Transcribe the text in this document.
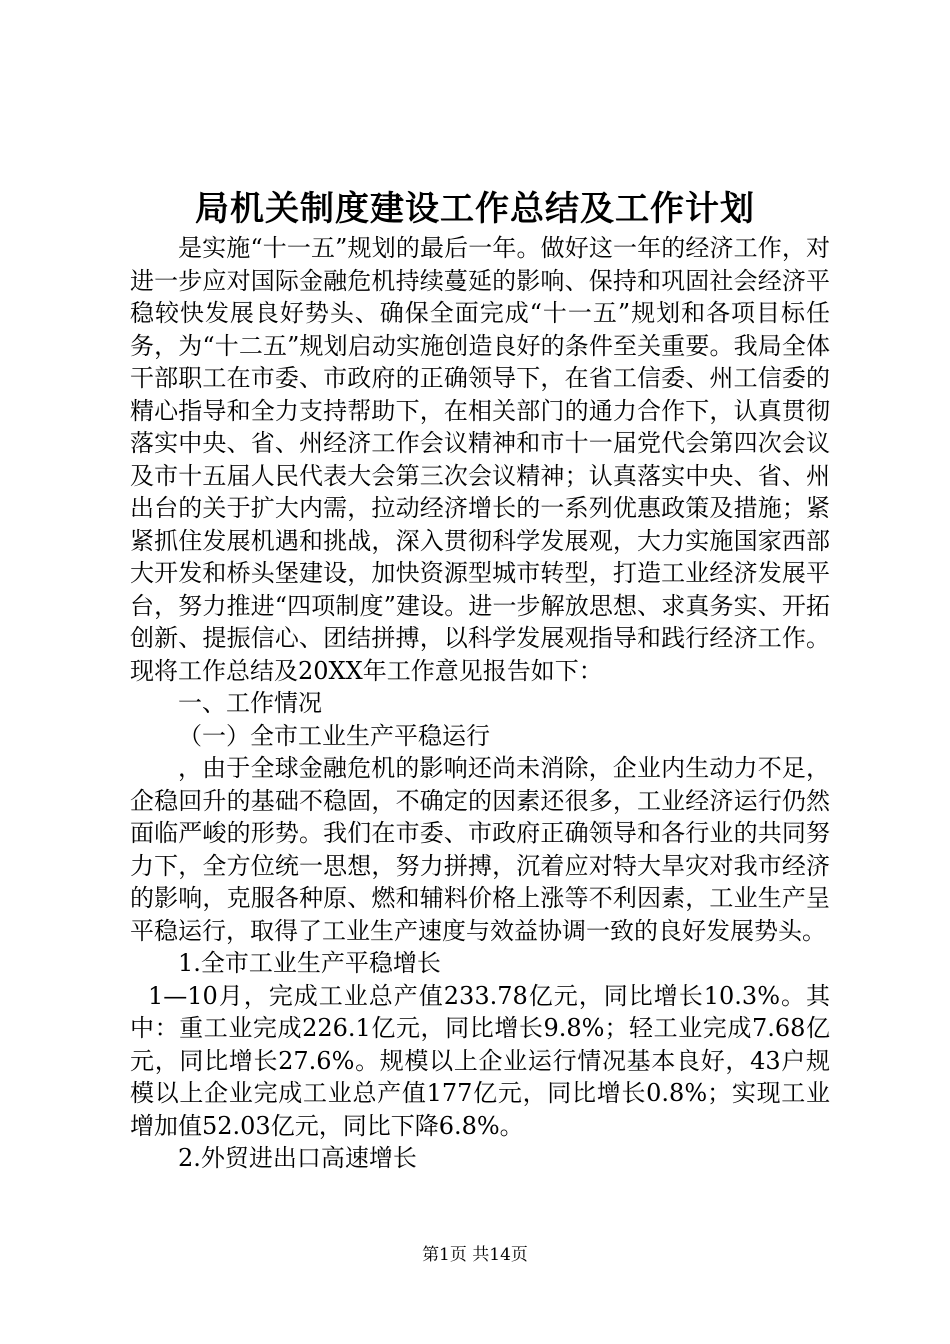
局机关制度建设工作总结及工作计划

是实施“十一五”规划的最后一年。做好这一年的经济工作，对进一步应对国际金融危机持续蔓延的影响、保持和巩固社会经济平稳较快发展良好势头、确保全面完成“十一五”规划和各项目标任务，为“十二五”规划启动实施创造良好的条件至关重要。我局全体干部职工在市委、市政府的正确领导下，在省工信委、州工信委的精心指导和全力支持帮助下，在相关部门的通力合作下，认真贯彻落实中央、省、州经济工作会议精神和市十一届党代会第四次会议及市十五届人民代表大会第三次会议精神；认真落实中央、省、州出台的关于扩大内需，拉动经济增长的一系列优惠政策及措施；紧紧抓住发展机遇和挑战，深入贯彻科学发展观，大力实施国家西部大开发和桥头堡建设，加快资源型城市转型，打造工业经济发展平台，努力推进“四项制度”建设。进一步解放思想、求真务实、开拓创新、提振信心、团结拼搏，以科学发展观指导和践行经济工作。现将工作总结及20XX年工作意见报告如下：

一、工作情况

（一）全市工业生产平稳运行

，由于全球金融危机的影响还尚未消除，企业内生动力不足，企稳回升的基础不稳固，不确定的因素还很多，工业经济运行仍然面临严峻的形势。我们在市委、市政府正确领导和各行业的共同努力下，全方位统一思想，努力拼搏，沉着应对特大旱灾对我市经济的影响，克服各种原、燃和辅料价格上涨等不利因素，工业生产呈平稳运行，取得了工业生产速度与效益协调一致的良好发展势头。

1.全市工业生产平稳增长

1—10月，完成工业总产值233.78亿元，同比增长10.3%。其中：重工业完成226.1亿元，同比增长9.8%；轻工业完成7.68亿元，同比增长27.6%。规模以上企业运行情况基本良好，43户规模以上企业完成工业总产值177亿元，同比增长0.8%；实现工业增加值52.03亿元，同比下降6.8%。

2.外贸进出口高速增长

第1页 共14页
